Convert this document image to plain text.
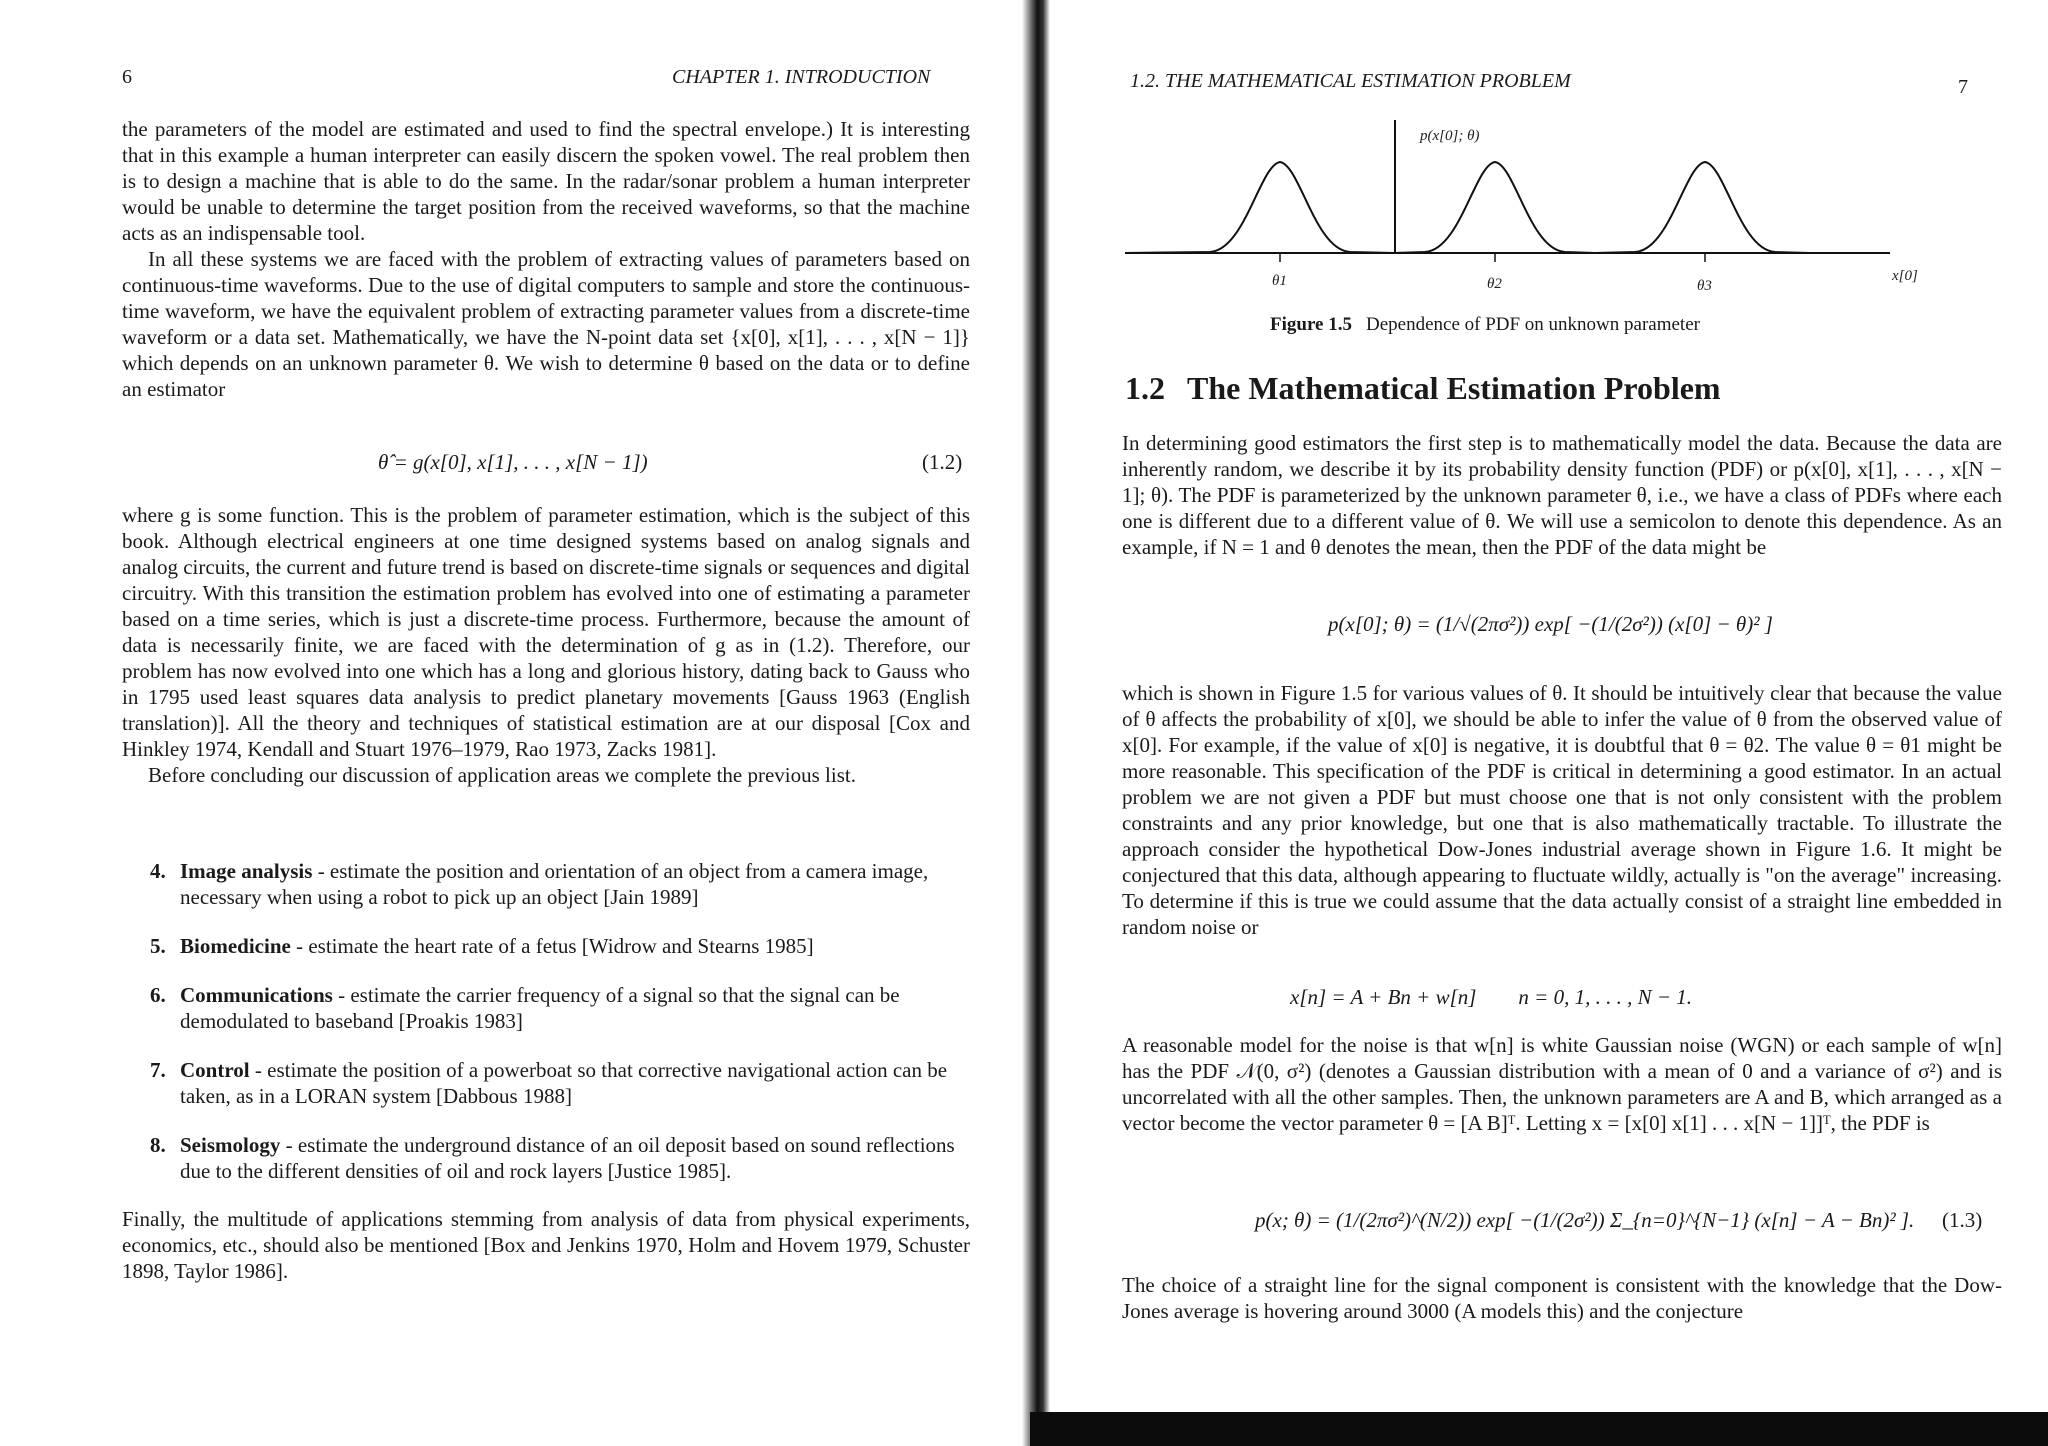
6	CHAPTER 1. INTRODUCTION

the parameters of the model are estimated and used to find the spectral envelope.) It is interesting that in this example a human interpreter can easily discern the spoken vowel. The real problem then is to design a machine that is able to do the same. In the radar/sonar problem a human interpreter would be unable to determine the target position from the received waveforms, so that the machine acts as an indispensable tool.

In all these systems we are faced with the problem of extracting values of parameters based on continuous-time waveforms. Due to the use of digital computers to sample and store the continuous-time waveform, we have the equivalent problem of extracting parameter values from a discrete-time waveform or a data set. Mathematically, we have the N-point data set {x[0], x[1], . . . , x[N − 1]} which depends on an unknown parameter θ. We wish to determine θ based on the data or to define an estimator

θ̂ = g(x[0], x[1], . . . , x[N − 1])	(1.2)

where g is some function. This is the problem of parameter estimation, which is the subject of this book. Although electrical engineers at one time designed systems based on analog signals and analog circuits, the current and future trend is based on discrete-time signals or sequences and digital circuitry. With this transition the estimation problem has evolved into one of estimating a parameter based on a time series, which is just a discrete-time process. Furthermore, because the amount of data is necessarily finite, we are faced with the determination of g as in (1.2). Therefore, our problem has now evolved into one which has a long and glorious history, dating back to Gauss who in 1795 used least squares data analysis to predict planetary movements [Gauss 1963 (English translation)]. All the theory and techniques of statistical estimation are at our disposal [Cox and Hinkley 1974, Kendall and Stuart 1976–1979, Rao 1973, Zacks 1981].

Before concluding our discussion of application areas we complete the previous list.

4. Image analysis - estimate the position and orientation of an object from a camera image, necessary when using a robot to pick up an object [Jain 1989]
5. Biomedicine - estimate the heart rate of a fetus [Widrow and Stearns 1985]
6. Communications - estimate the carrier frequency of a signal so that the signal can be demodulated to baseband [Proakis 1983]
7. Control - estimate the position of a powerboat so that corrective navigational action can be taken, as in a LORAN system [Dabbous 1988]
8. Seismology - estimate the underground distance of an oil deposit based on sound reflections due to the different densities of oil and rock layers [Justice 1985].

Finally, the multitude of applications stemming from analysis of data from physical experiments, economics, etc., should also be mentioned [Box and Jenkins 1970, Holm and Hovem 1979, Schuster 1898, Taylor 1986].

1.2. THE MATHEMATICAL ESTIMATION PROBLEM	7
p(x[0]; θ)
x[0]
θ1	θ2	θ3
Figure 1.5 Dependence of PDF on unknown parameter
1.2 The Mathematical Estimation Problem

In determining good estimators the first step is to mathematically model the data. Because the data are inherently random, we describe it by its probability density function (PDF) or p(x[0], x[1], . . . , x[N − 1]; θ). The PDF is parameterized by the unknown parameter θ, i.e., we have a class of PDFs where each one is different due to a different value of θ. We will use a semicolon to denote this dependence. As an example, if N = 1 and θ denotes the mean, then the PDF of the data might be

p(x[0]; θ) = (1/√(2πσ²)) exp[ −(1/(2σ²)) (x[0] − θ)² ]

which is shown in Figure 1.5 for various values of θ. It should be intuitively clear that because the value of θ affects the probability of x[0], we should be able to infer the value of θ from the observed value of x[0]. For example, if the value of x[0] is negative, it is doubtful that θ = θ2. The value θ = θ1 might be more reasonable. This specification of the PDF is critical in determining a good estimator. In an actual problem we are not given a PDF but must choose one that is not only consistent with the problem constraints and any prior knowledge, but one that is also mathematically tractable. To illustrate the approach consider the hypothetical Dow-Jones industrial average shown in Figure 1.6. It might be conjectured that this data, although appearing to fluctuate wildly, actually is "on the average" increasing. To determine if this is true we could assume that the data actually consist of a straight line embedded in random noise or

x[n] = A + Bn + w[n]        n = 0, 1, . . . , N − 1.

A reasonable model for the noise is that w[n] is white Gaussian noise (WGN) or each sample of w[n] has the PDF 𝒩(0, σ²) (denotes a Gaussian distribution with a mean of 0 and a variance of σ²) and is uncorrelated with all the other samples. Then, the unknown parameters are A and B, which arranged as a vector become the vector parameter θ = [A B]ᵀ. Letting x = [x[0] x[1] . . . x[N − 1]]ᵀ, the PDF is

p(x; θ) = (1/(2πσ²)^(N/2)) exp[ −(1/(2σ²)) Σ_{n=0}^{N−1} (x[n] − A − Bn)² ]. (1.3)

The choice of a straight line for the signal component is consistent with the knowledge that the Dow-Jones average is hovering around 3000 (A models this) and the conjecture
